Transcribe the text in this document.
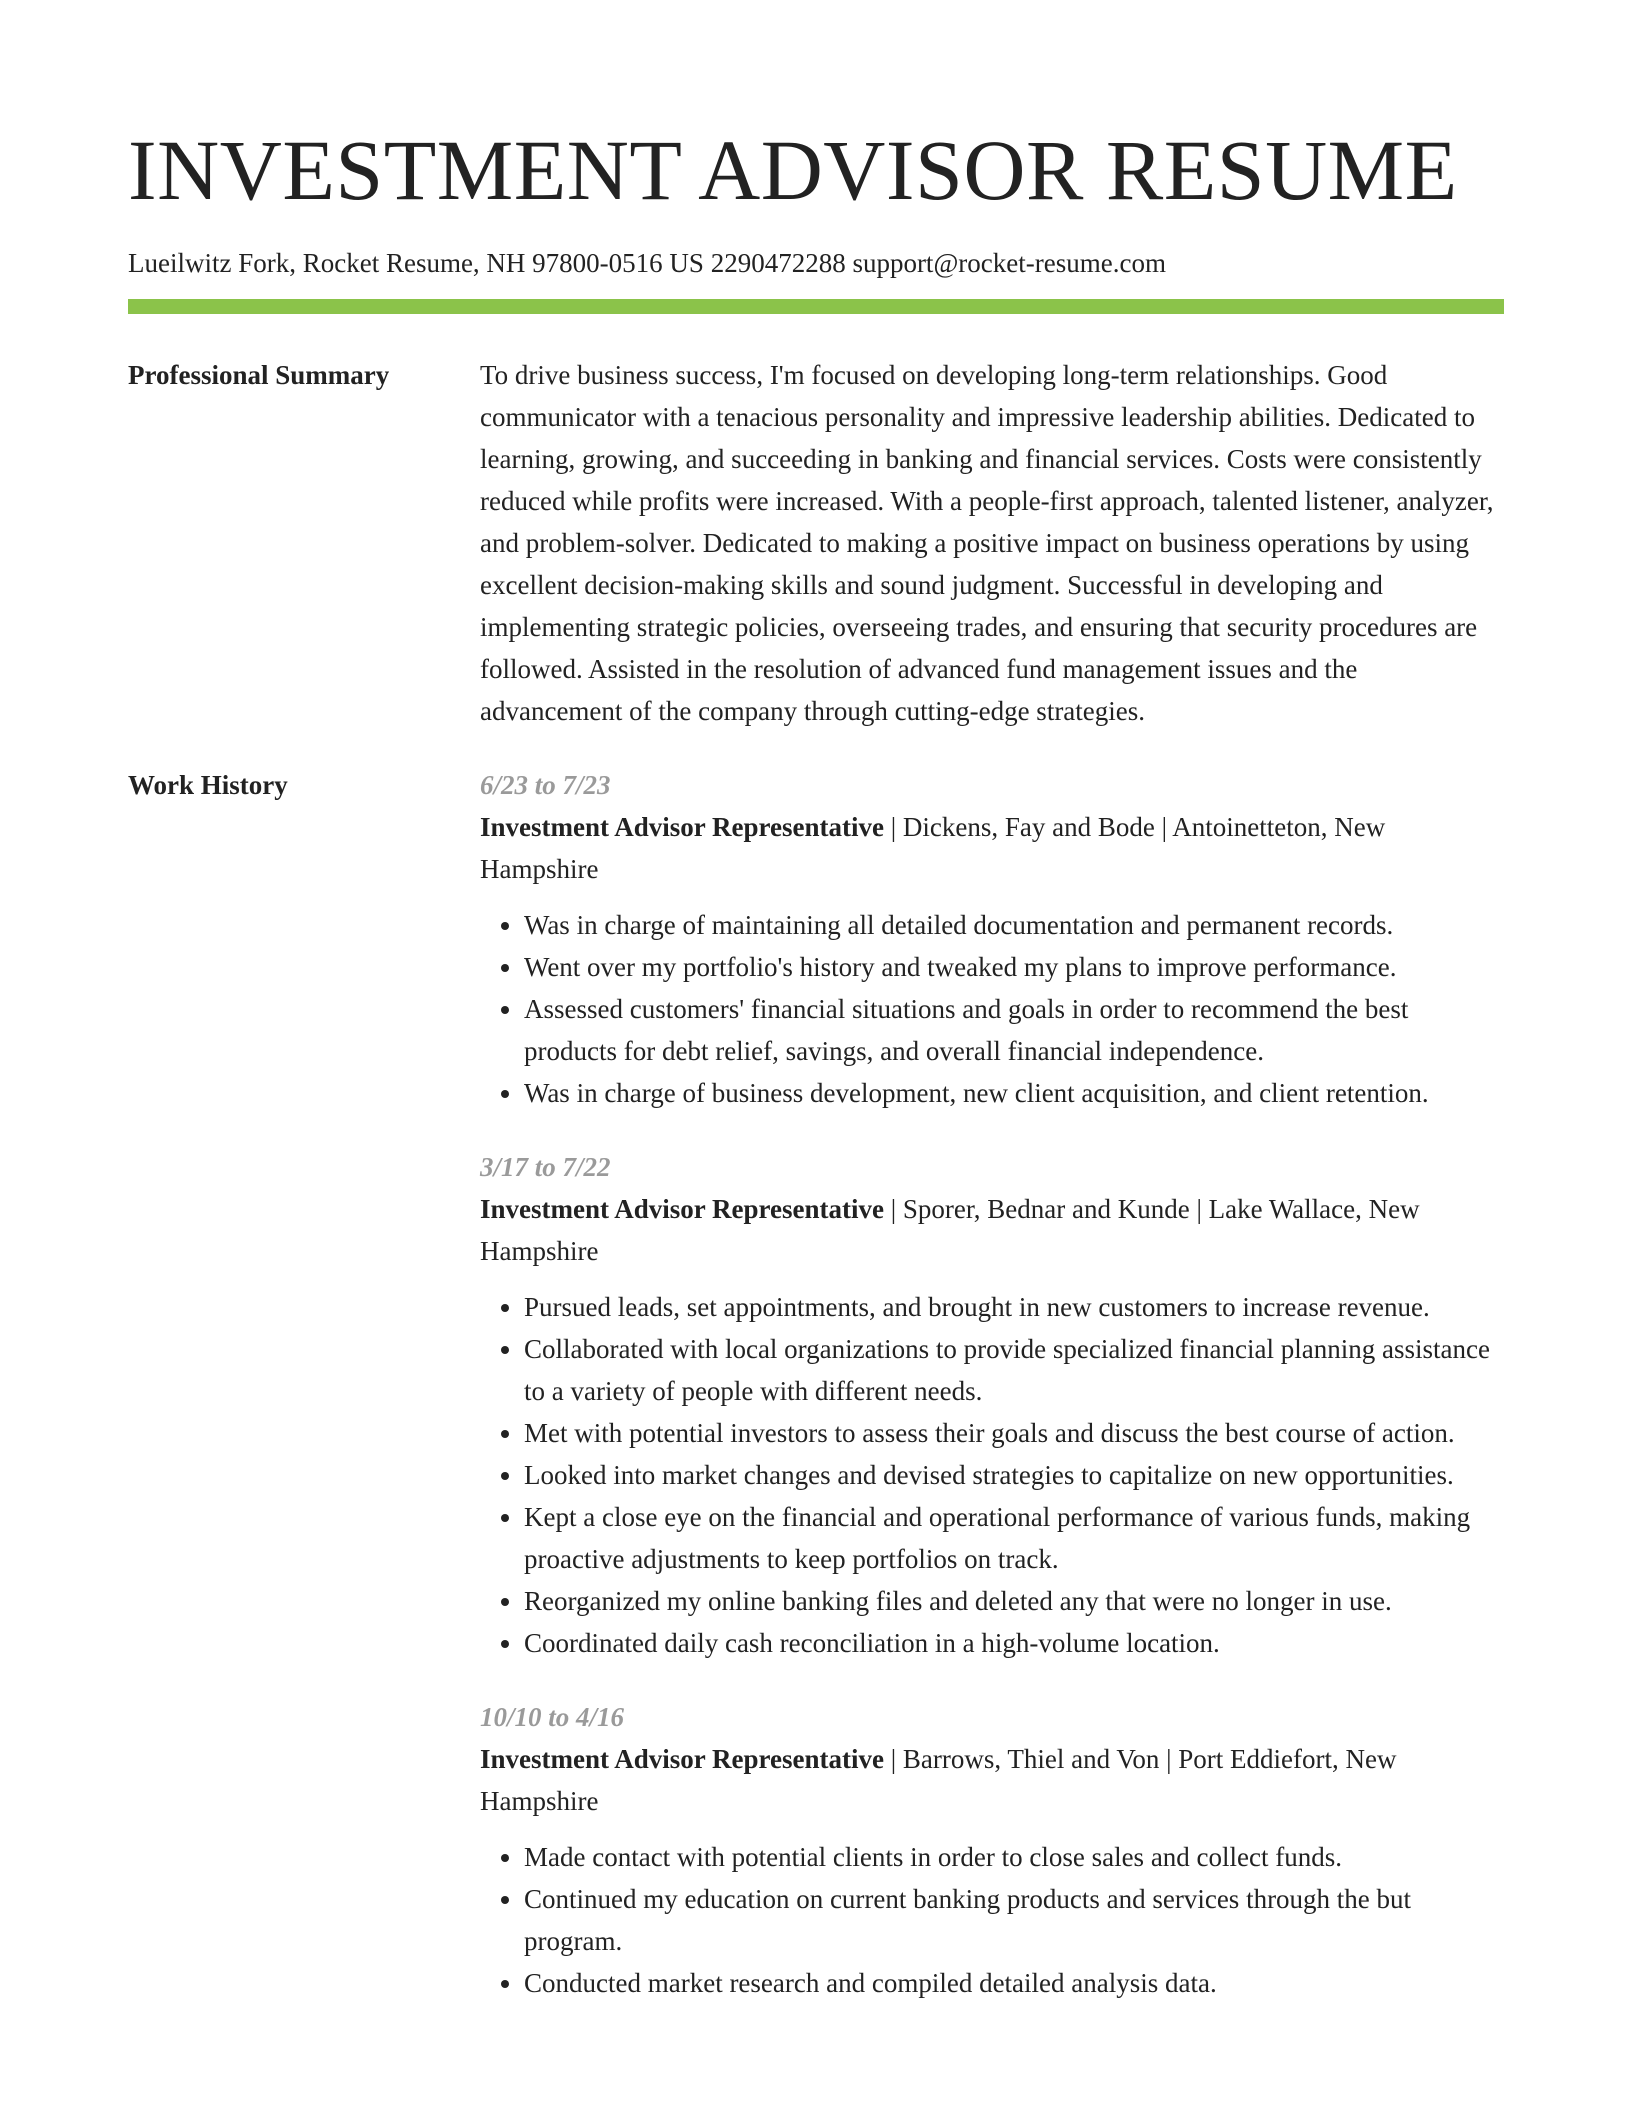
INVESTMENT ADVISOR RESUME
Lueilwitz Fork, Rocket Resume, NH 97800-0516 US 2290472288 support@rocket-resume.com
Professional Summary	To drive business success, I'm focused on developing long-term relationships. Good communicator with a tenacious personality and impressive leadership abilities. Dedicated to learning, growing, and succeeding in banking and financial services. Costs were consistently reduced while profits were increased. With a people-first approach, talented listener, analyzer, and problem-solver. Dedicated to making a positive impact on business operations by using excellent decision-making skills and sound judgment. Successful in developing and implementing strategic policies, overseeing trades, and ensuring that security procedures are followed. Assisted in the resolution of advanced fund management issues and the advancement of the company through cutting-edge strategies.
Work History	6/23 to 7/23
Investment Advisor Representative | Dickens, Fay and Bode | Antoinetteton, New Hampshire
• Was in charge of maintaining all detailed documentation and permanent records.
• Went over my portfolio's history and tweaked my plans to improve performance.
• Assessed customers' financial situations and goals in order to recommend the best products for debt relief, savings, and overall financial independence.
• Was in charge of business development, new client acquisition, and client retention.
3/17 to 7/22
Investment Advisor Representative | Sporer, Bednar and Kunde | Lake Wallace, New Hampshire
• Pursued leads, set appointments, and brought in new customers to increase revenue.
• Collaborated with local organizations to provide specialized financial planning assistance to a variety of people with different needs.
• Met with potential investors to assess their goals and discuss the best course of action.
• Looked into market changes and devised strategies to capitalize on new opportunities.
• Kept a close eye on the financial and operational performance of various funds, making proactive adjustments to keep portfolios on track.
• Reorganized my online banking files and deleted any that were no longer in use.
• Coordinated daily cash reconciliation in a high-volume location.
10/10 to 4/16
Investment Advisor Representative | Barrows, Thiel and Von | Port Eddiefort, New Hampshire
• Made contact with potential clients in order to close sales and collect funds.
• Continued my education on current banking products and services through the but program.
• Conducted market research and compiled detailed analysis data.
